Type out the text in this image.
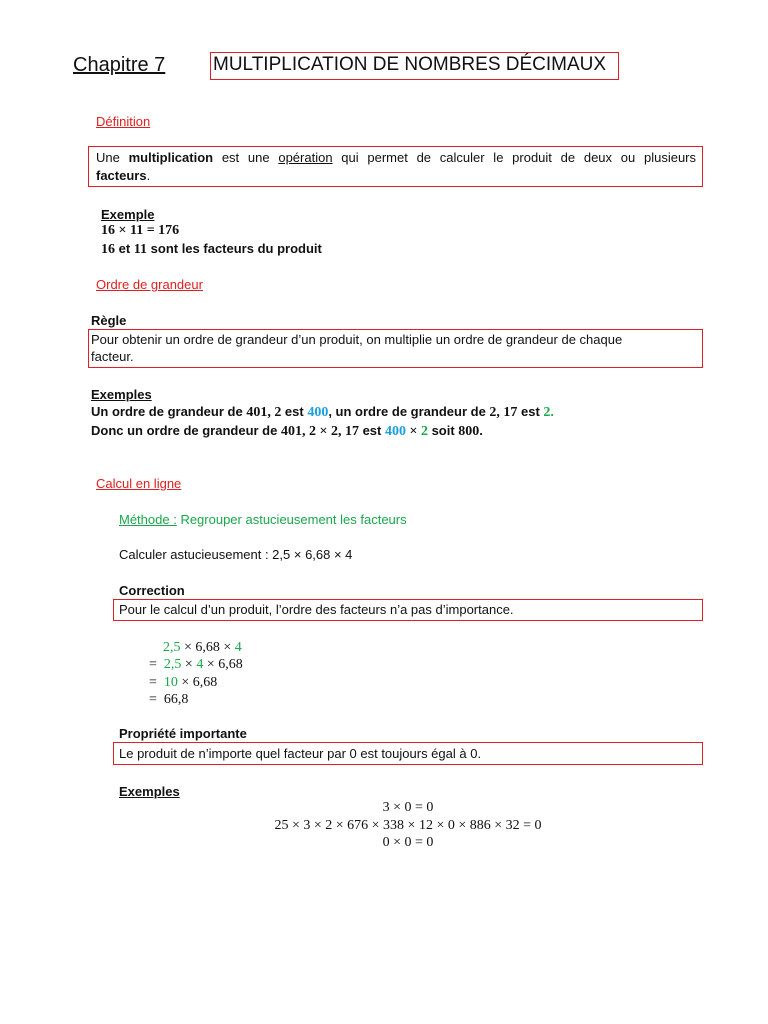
Chapitre 7	MULTIPLICATION DE NOMBRES DÉCIMAUX
Définition
Une multiplication est une opération qui permet de calculer le produit de deux ou plusieurs
facteurs.
Exemple
16 × 11 = 176
16 et 11 sont les facteurs du produit
Ordre de grandeur
Règle
Pour obtenir un ordre de grandeur d’un produit, on multiplie un ordre de grandeur de chaque
facteur.
Exemples
Un ordre de grandeur de 401, 2 est 400, un ordre de grandeur de 2, 17 est 2.
Donc un ordre de grandeur de 401, 2 × 2, 17 est 400 × 2 soit 800.
Calcul en ligne
Méthode : Regrouper astucieusement les facteurs
Calculer astucieusement : 2,5 × 6,68 × 4
Correction
Pour le calcul d’un produit, l’ordre des facteurs n’a pas d’importance.
2,5 × 6,68 × 4
= 2,5 × 4 × 6,68
= 10 × 6,68
= 66,8
Propriété importante
Le produit de n’importe quel facteur par 0 est toujours égal à 0.
Exemples
3 × 0 = 0
25 × 3 × 2 × 676 × 338 × 12 × 0 × 886 × 32 = 0
0 × 0 = 0
